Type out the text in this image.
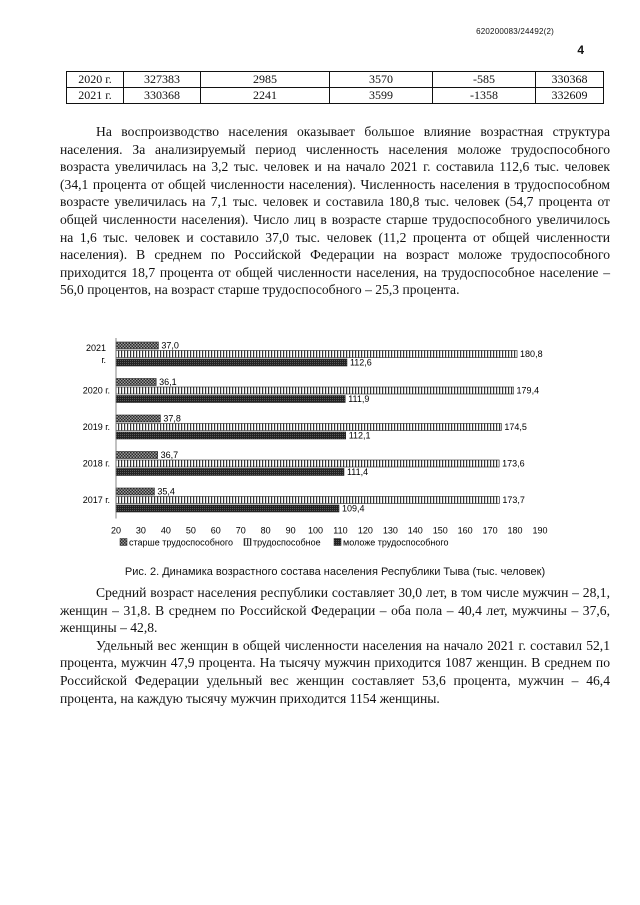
620200083/24492(2)
4
2020 г.	327383	2985	3570	-585	330368
2021 г.	330368	2241	3599	-1358	332609

На воспроизводство населения оказывает большое влияние возрастная структура населения. За анализируемый период численность населения моложе трудоспособного возраста увеличилась на 3,2 тыс. человек и на начало 2021 г. составила 112,6 тыс. человек (34,1 процента от общей численности населения). Численность населения в трудоспособном возрасте увеличилась на 7,1 тыс. человек и составила 180,8 тыс. человек (54,7 процента от общей численности населения). Число лиц в возрасте старше трудоспособного увеличилось на 1,6 тыс. человек и составило 37,0 тыс. человек (11,2 процента от общей численности населения). В среднем по Российской Федерации на возраст моложе трудоспособного приходится 18,7 процента от общей численности населения, на трудоспособное население – 56,0 процентов, на возраст старше трудоспособного – 25,3 процента.

2021
г.
37,0
180,8
112,6
2020 г.
36,1
179,4
111,9
2019 г.
37,8
174,5
112,1
2018 г.
36,7
173,6
111,4
2017 г.
35,4
173,7
109,4
20 30 40 50 60 70 80 90 100 110 120 130 140 150 160 170 180 190
старше трудоспособного трудоспособное моложе трудоспособного
Рис. 2. Динамика возрастного состава населения Республики Тыва (тыс. человек)

Средний возраст населения республики составляет 30,0 лет, в том числе мужчин – 28,1, женщин – 31,8. В среднем по Российской Федерации – оба пола – 40,4 лет, мужчины – 37,6, женщины – 42,8.

Удельный вес женщин в общей численности населения на начало 2021 г. составил 52,1 процента, мужчин 47,9 процента. На тысячу мужчин приходится 1087 женщин. В среднем по Российской Федерации удельный вес женщин составляет 53,6 процента, мужчин – 46,4 процента, на каждую тысячу мужчин приходится 1154 женщины.
